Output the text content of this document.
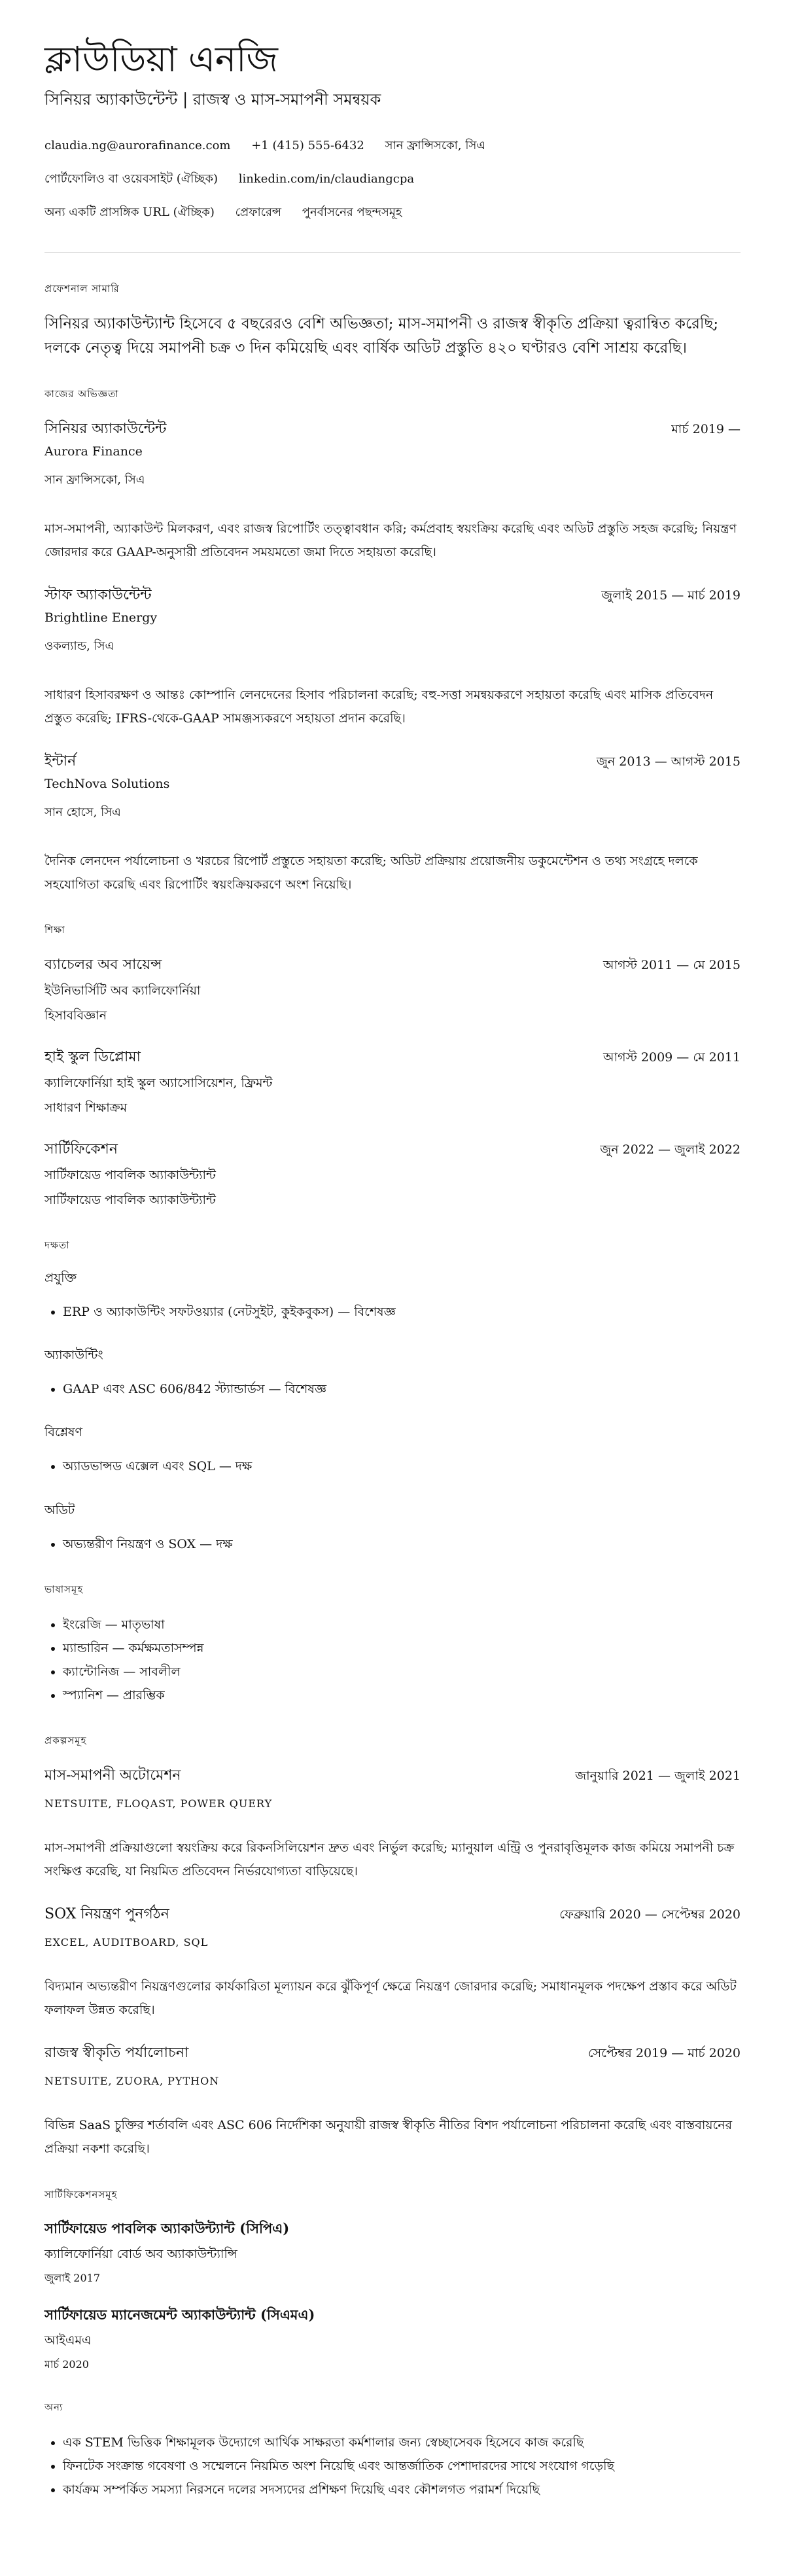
ক্লাউডিয়া এনজি
সিনিয়র অ্যাকাউন্টেন্ট | রাজস্ব ও মাস-সমাপনী সমন্বয়ক
claudia.ng@aurorafinance.com +1 (415) 555-6432 সান ফ্রান্সিসকো, সিএ
পোর্টফোলিও বা ওয়েবসাইট (ঐচ্ছিক) linkedin.com/in/claudiangcpa
অন্য একটি প্রাসঙ্গিক URL (ঐচ্ছিক) প্রেফারেন্স পুনর্বাসনের পছন্দসমূহ
প্রফেশনাল সামারি
সিনিয়র অ্যাকাউন্ট্যান্ট হিসেবে ৫ বছরেরও বেশি অভিজ্ঞতা; মাস-সমাপনী ও রাজস্ব স্বীকৃতি প্রক্রিয়া ত্বরান্বিত করেছি; দলকে নেতৃত্ব দিয়ে সমাপনী চক্র ৩ দিন কমিয়েছি এবং বার্ষিক অডিট প্রস্তুতি ৪২০ ঘণ্টারও বেশি সাশ্রয় করেছি।
কাজের অভিজ্ঞতা
সিনিয়র অ্যাকাউন্টেন্ট	মার্চ 2019 —
Aurora Finance
সান ফ্রান্সিসকো, সিএ
মাস-সমাপনী, অ্যাকাউন্ট মিলকরণ, এবং রাজস্ব রিপোর্টিং তত্ত্বাবধান করি; কর্মপ্রবাহ স্বয়ংক্রিয় করেছি এবং অডিট প্রস্তুতি সহজ করেছি; নিয়ন্ত্রণ জোরদার করে GAAP-অনুসারী প্রতিবেদন সময়মতো জমা দিতে সহায়তা করেছি।
স্টাফ অ্যাকাউন্টেন্ট	জুলাই 2015 — মার্চ 2019
Brightline Energy
ওকল্যান্ড, সিএ
সাধারণ হিসাবরক্ষণ ও আন্তঃ কোম্পানি লেনদেনের হিসাব পরিচালনা করেছি; বহু-সত্তা সমন্বয়করণে সহায়তা করেছি এবং মাসিক প্রতিবেদন প্রস্তুত করেছি; IFRS-থেকে-GAAP সামঞ্জস্যকরণে সহায়তা প্রদান করেছি।
ইন্টার্ন	জুন 2013 — আগস্ট 2015
TechNova Solutions
সান হোসে, সিএ
দৈনিক লেনদেন পর্যালোচনা ও খরচের রিপোর্ট প্রস্তুতে সহায়তা করেছি; অডিট প্রক্রিয়ায় প্রয়োজনীয় ডকুমেন্টেশন ও তথ্য সংগ্রহে দলকে সহযোগিতা করেছি এবং রিপোর্টিং স্বয়ংক্রিয়করণে অংশ নিয়েছি।
শিক্ষা
ব্যাচেলর অব সায়েন্স	আগস্ট 2011 — মে 2015
ইউনিভার্সিটি অব ক্যালিফোর্নিয়া
হিসাববিজ্ঞান
হাই স্কুল ডিপ্লোমা	আগস্ট 2009 — মে 2011
ক্যালিফোর্নিয়া হাই স্কুল অ্যাসোসিয়েশন, ফ্রিমন্ট
সাধারণ শিক্ষাক্রম
সার্টিফিকেশন	জুন 2022 — জুলাই 2022
সার্টিফায়েড পাবলিক অ্যাকাউন্ট্যান্ট
সার্টিফায়েড পাবলিক অ্যাকাউন্ট্যান্ট
দক্ষতা
প্রযুক্তি
• ERP ও অ্যাকাউন্টিং সফটওয়্যার (নেটসুইট, কুইকবুকস) — বিশেষজ্ঞ
অ্যাকাউন্টিং
• GAAP এবং ASC 606/842 স্ট্যান্ডার্ডস — বিশেষজ্ঞ
বিশ্লেষণ
• অ্যাডভান্সড এক্সেল এবং SQL — দক্ষ
অডিট
• অভ্যন্তরীণ নিয়ন্ত্রণ ও SOX — দক্ষ
ভাষাসমূহ
• ইংরেজি — মাতৃভাষা
• ম্যান্ডারিন — কর্মক্ষমতাসম্পন্ন
• ক্যান্টোনিজ — সাবলীল
• স্প্যানিশ — প্রারম্ভিক
প্রকল্পসমূহ
মাস-সমাপনী অটোমেশন	জানুয়ারি 2021 — জুলাই 2021
NETSUITE, FLOQAST, POWER QUERY
মাস-সমাপনী প্রক্রিয়াগুলো স্বয়ংক্রিয় করে রিকনসিলিয়েশন দ্রুত এবং নির্ভুল করেছি; ম্যানুয়াল এন্ট্রি ও পুনরাবৃত্তিমূলক কাজ কমিয়ে সমাপনী চক্র সংক্ষিপ্ত করেছি, যা নিয়মিত প্রতিবেদন নির্ভরযোগ্যতা বাড়িয়েছে।
SOX নিয়ন্ত্রণ পুনর্গঠন	ফেব্রুয়ারি 2020 — সেপ্টেম্বর 2020
EXCEL, AUDITBOARD, SQL
বিদ্যমান অভ্যন্তরীণ নিয়ন্ত্রণগুলোর কার্যকারিতা মূল্যায়ন করে ঝুঁকিপূর্ণ ক্ষেত্রে নিয়ন্ত্রণ জোরদার করেছি; সমাধানমূলক পদক্ষেপ প্রস্তাব করে অডিট ফলাফল উন্নত করেছি।
রাজস্ব স্বীকৃতি পর্যালোচনা	সেপ্টেম্বর 2019 — মার্চ 2020
NETSUITE, ZUORA, PYTHON
বিভিন্ন SaaS চুক্তির শর্তাবলি এবং ASC 606 নির্দেশিকা অনুযায়ী রাজস্ব স্বীকৃতি নীতির বিশদ পর্যালোচনা পরিচালনা করেছি এবং বাস্তবায়নের প্রক্রিয়া নকশা করেছি।
সার্টিফিকেশনসমূহ
সার্টিফায়েড পাবলিক অ্যাকাউন্ট্যান্ট (সিপিএ)
ক্যালিফোর্নিয়া বোর্ড অব অ্যাকাউন্ট্যান্সি
জুলাই 2017
সার্টিফায়েড ম্যানেজমেন্ট অ্যাকাউন্ট্যান্ট (সিএমএ)
আইএমএ
মার্চ 2020
অন্য
• এক STEM ভিত্তিক শিক্ষামূলক উদ্যোগে আর্থিক সাক্ষরতা কর্মশালার জন্য স্বেচ্ছাসেবক হিসেবে কাজ করেছি
• ফিনটেক সংক্রান্ত গবেষণা ও সম্মেলনে নিয়মিত অংশ নিয়েছি এবং আন্তর্জাতিক পেশাদারদের সাথে সংযোগ গড়েছি
• কার্যক্রম সম্পর্কিত সমস্যা নিরসনে দলের সদস্যদের প্রশিক্ষণ দিয়েছি এবং কৌশলগত পরামর্শ দিয়েছি
